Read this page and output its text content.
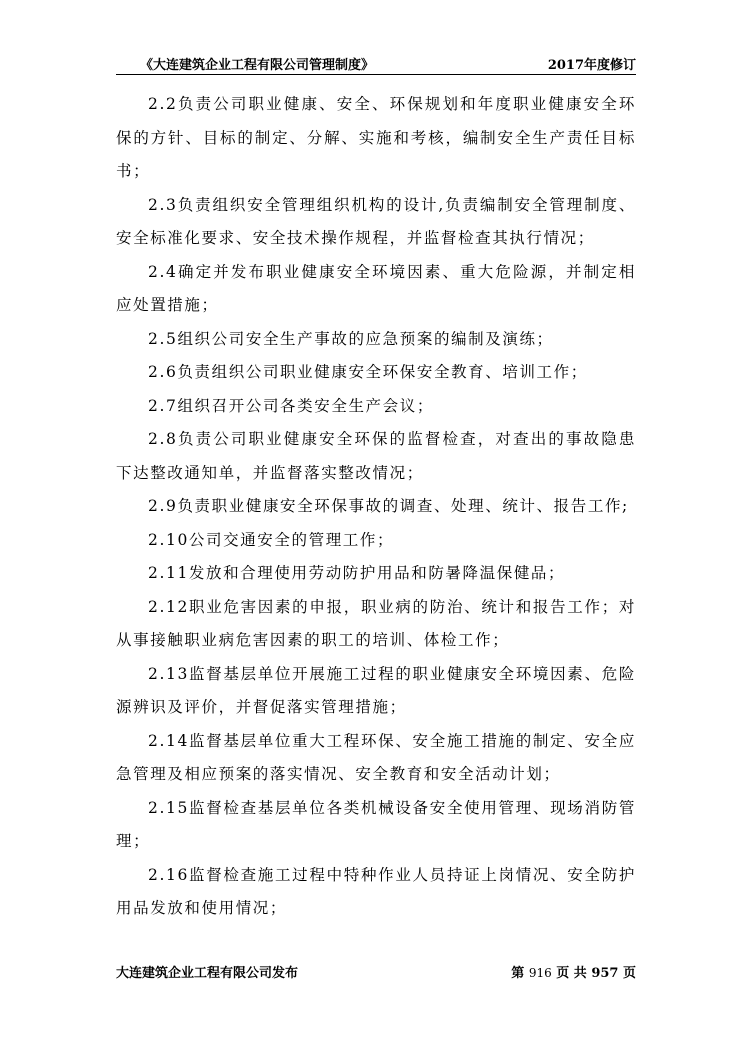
《大连建筑企业工程有限公司管理制度》	2017年度修订

2.2负责公司职业健康、安全、环保规划和年度职业健康安全环保的方针、目标的制定、分解、实施和考核，编制安全生产责任目标书；

2.3负责组织安全管理组织机构的设计,负责编制安全管理制度、安全标准化要求、安全技术操作规程，并监督检查其执行情况；

2.4确定并发布职业健康安全环境因素、重大危险源，并制定相应处置措施；

2.5组织公司安全生产事故的应急预案的编制及演练；

2.6负责组织公司职业健康安全环保安全教育、培训工作；

2.7组织召开公司各类安全生产会议；

2.8负责公司职业健康安全环保的监督检查，对查出的事故隐患下达整改通知单，并监督落实整改情况；

2.9负责职业健康安全环保事故的调查、处理、统计、报告工作;

2.10公司交通安全的管理工作；

2.11发放和合理使用劳动防护用品和防暑降温保健品；

2.12职业危害因素的申报，职业病的防治、统计和报告工作；对从事接触职业病危害因素的职工的培训、体检工作；

2.13监督基层单位开展施工过程的职业健康安全环境因素、危险源辨识及评价，并督促落实管理措施；

2.14监督基层单位重大工程环保、安全施工措施的制定、安全应急管理及相应预案的落实情况、安全教育和安全活动计划；

2.15监督检查基层单位各类机械设备安全使用管理、现场消防管理；

2.16监督检查施工过程中特种作业人员持证上岗情况、安全防护用品发放和使用情况；

大连建筑企业工程有限公司发布	第 916 页 共 957 页
